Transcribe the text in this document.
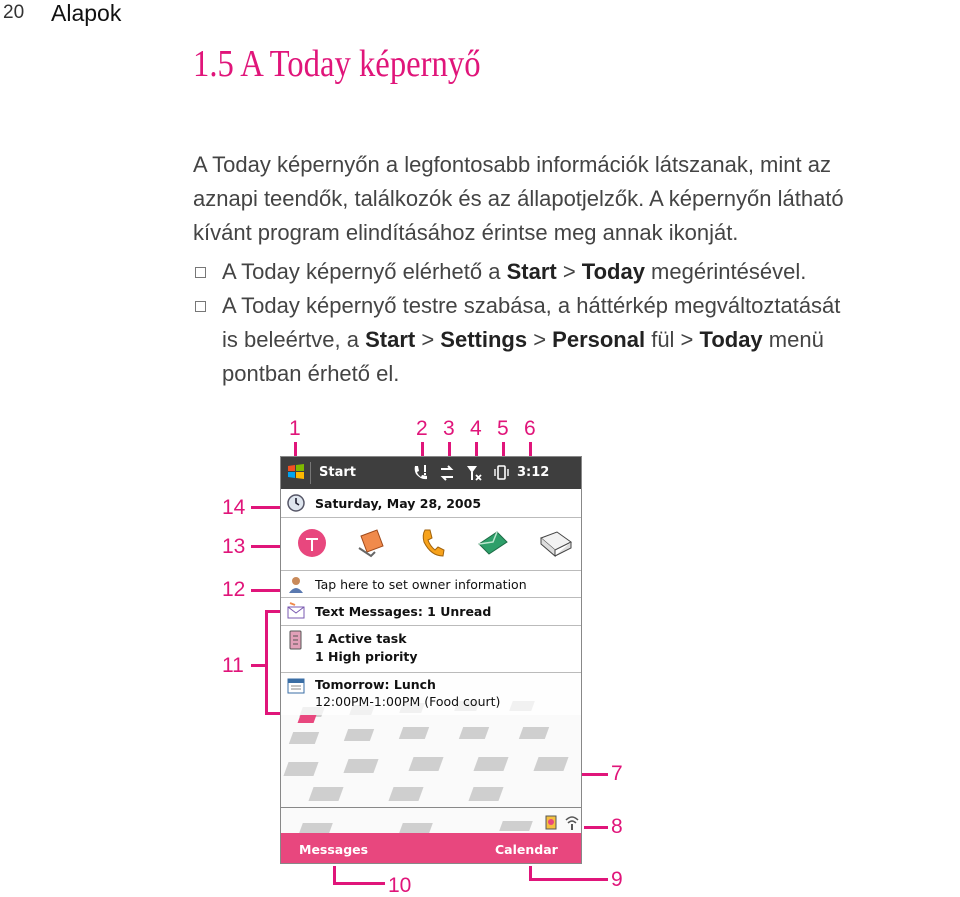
20 Alapok
1.5 A Today képernyő

A Today képernyőn a legfontosabb információk látszanak, mint az

aznapi teendők, találkozók és az állapotjelzők. A képernyőn látható

kívánt program elindításához érintse meg annak ikonját.

A Today képernyő elérhető a Start > Today megérintésével.
A Today képernyő testre szabása, a háttérkép megváltoztatását
is beleértve, a Start > Settings > Personal fül > Today menü
pontban érhető el.
1	2 3 4 5 6
7
8
9
10
11
12
13
14
Start	3:12
Saturday, May 28, 2005
Tap here to set owner information
Text Messages: 1 Unread
1 Active task
1 High priority
Tomorrow: Lunch
12:00PM-1:00PM (Food court)
Messages	Calendar
